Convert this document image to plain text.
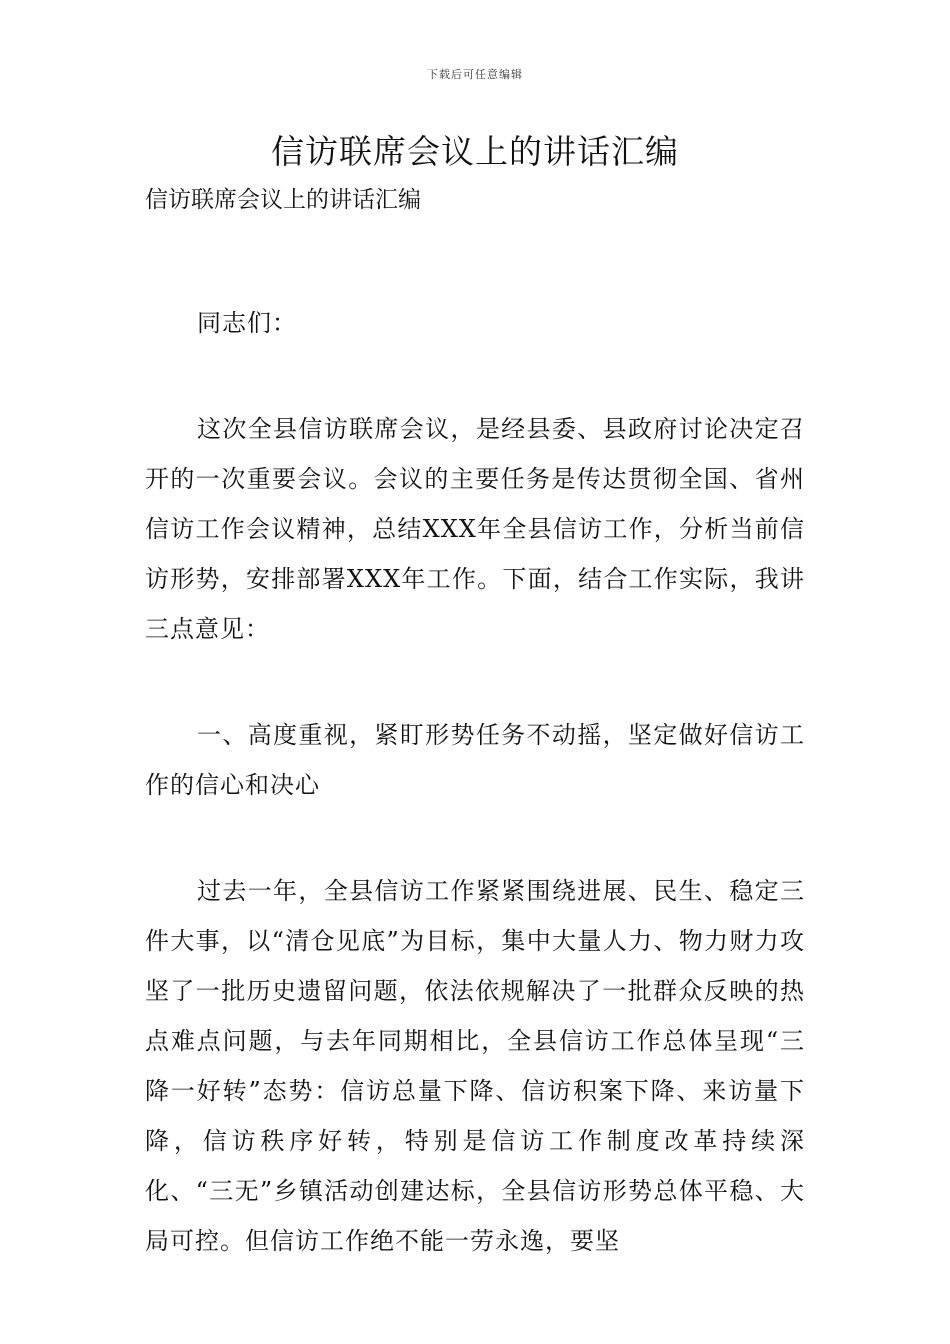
下载后可任意编辑
信访联席会议上的讲话汇编

信访联席会议上的讲话汇编

同志们：

这次全县信访联席会议，是经县委、县政府讨论决定召开的一次重要会议。会议的主要任务是传达贯彻全国、省州信访工作会议精神，总结XXX年全县信访工作，分析当前信访形势，安排部署XXX年工作。下面，结合工作实际，我讲三点意见：

一、高度重视，紧盯形势任务不动摇，坚定做好信访工作的信心和决心

过去一年，全县信访工作紧紧围绕进展、民生、稳定三件大事，以“清仓见底”为目标，集中大量人力、物力财力攻坚了一批历史遗留问题，依法依规解决了一批群众反映的热点难点问题，与去年同期相比，全县信访工作总体呈现“三降一好转”态势：信访总量下降、信访积案下降、来访量下降，信访秩序好转，特别是信访工作制度改革持续深化、“三无”乡镇活动创建达标，全县信访形势总体平稳、大局可控。但信访工作绝不能一劳永逸，要坚
